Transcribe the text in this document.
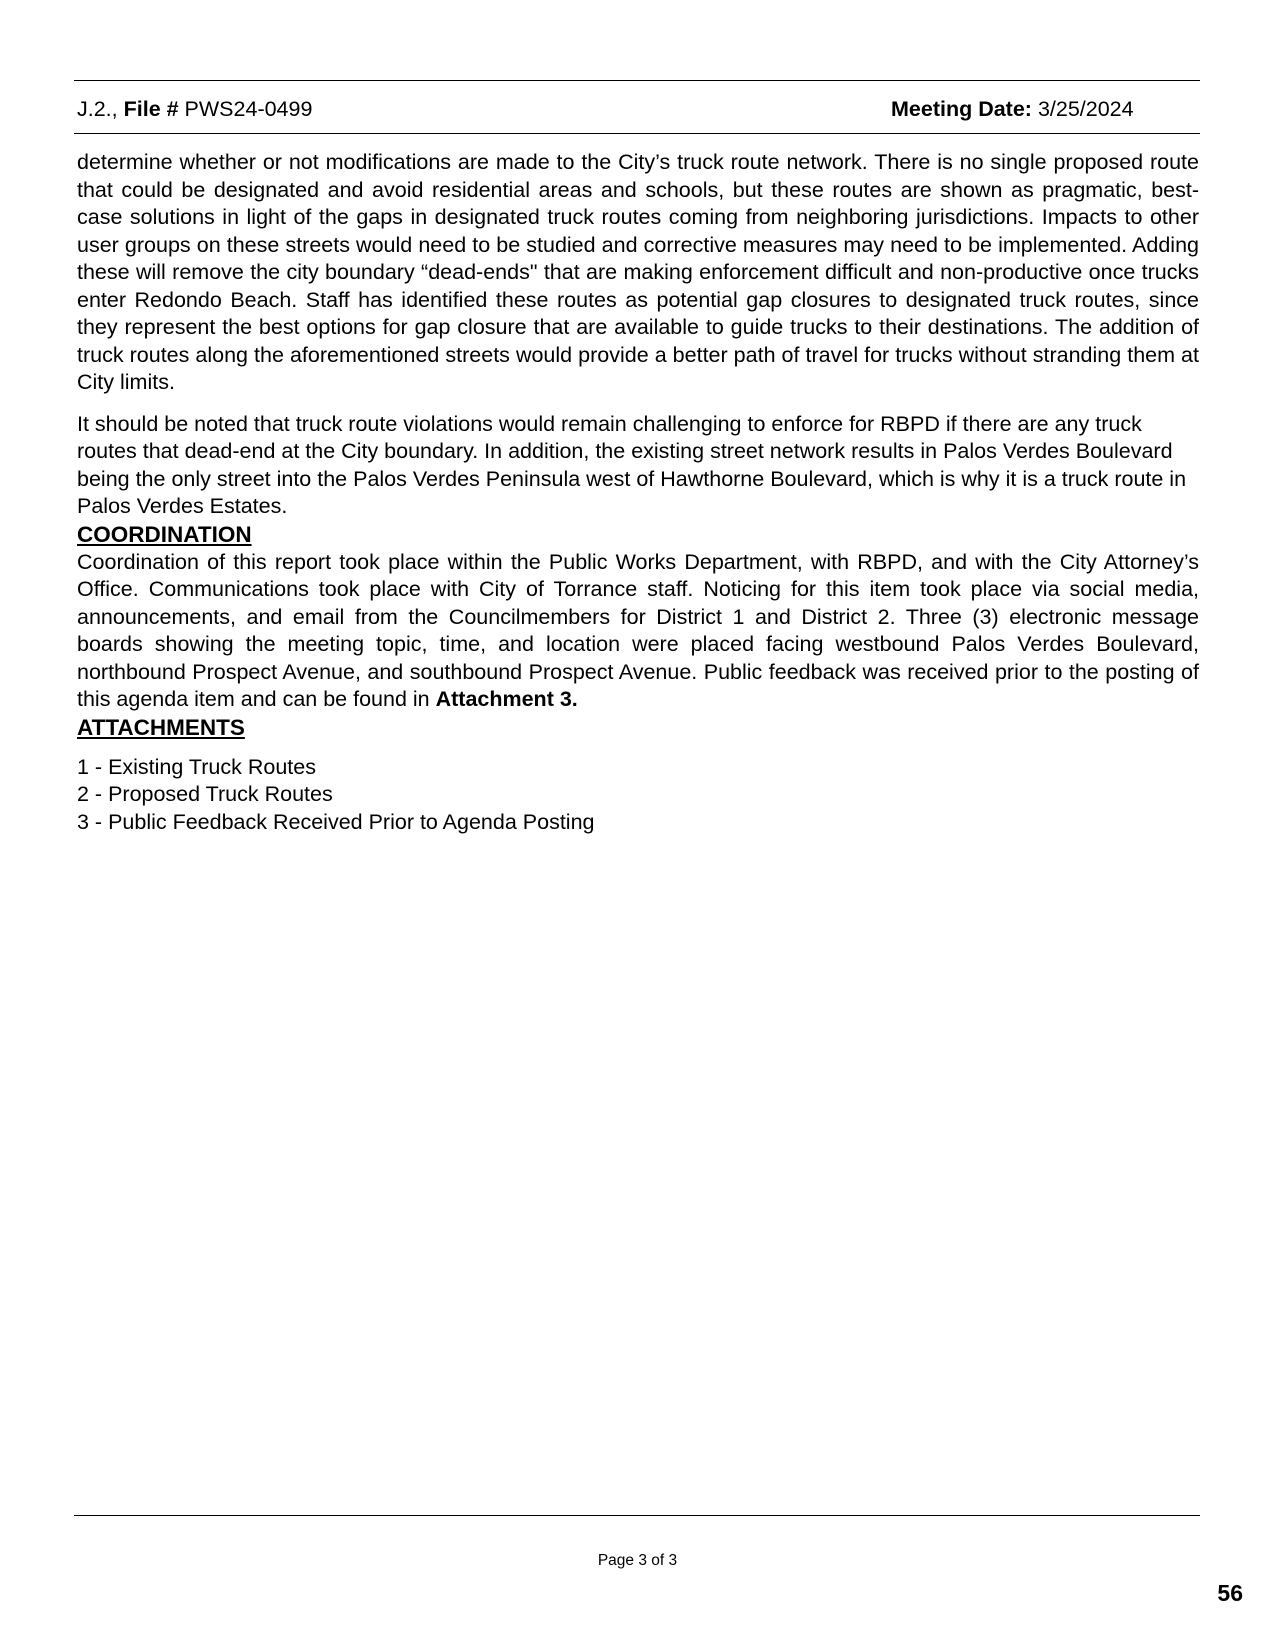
J.2., File # PWS24-0499	Meeting Date: 3/25/2024

determine whether or not modifications are made to the City’s truck route network. There is no single proposed route that could be designated and avoid residential areas and schools, but these routes are shown as pragmatic, best-case solutions in light of the gaps in designated truck routes coming from neighboring jurisdictions. Impacts to other user groups on these streets would need to be studied and corrective measures may need to be implemented. Adding these will remove the city boundary “dead-ends" that are making enforcement difficult and non-productive once trucks enter Redondo Beach. Staff has identified these routes as potential gap closures to designated truck routes, since they represent the best options for gap closure that are available to guide trucks to their destinations. The addition of truck routes along the aforementioned streets would provide a better path of travel for trucks without stranding them at City limits.

It should be noted that truck route violations would remain challenging to enforce for RBPD if there are any truck routes that dead-end at the City boundary. In addition, the existing street network results in Palos Verdes Boulevard being the only street into the Palos Verdes Peninsula west of Hawthorne Boulevard, which is why it is a truck route in Palos Verdes Estates.

COORDINATION

Coordination of this report took place within the Public Works Department, with RBPD, and with the City Attorney’s Office. Communications took place with City of Torrance staff. Noticing for this item took place via social media, announcements, and email from the Councilmembers for District 1 and District 2. Three (3) electronic message boards showing the meeting topic, time, and location were placed facing westbound Palos Verdes Boulevard, northbound Prospect Avenue, and southbound Prospect Avenue. Public feedback was received prior to the posting of this agenda item and can be found in Attachment 3.

ATTACHMENTS

1 - Existing Truck Routes
2 - Proposed Truck Routes
3 - Public Feedback Received Prior to Agenda Posting
Page 3 of 3
56
